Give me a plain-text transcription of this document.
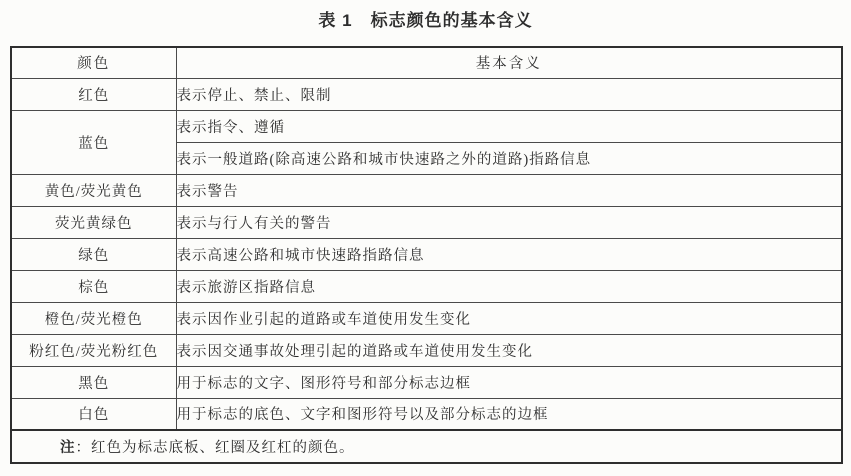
表 1　标志颜色的基本含义
颜色	基本含义
红色	表示停止、禁止、限制
蓝色	表示指令、遵循
	表示一般道路(除高速公路和城市快速路之外的道路)指路信息
黄色/荧光黄色	表示警告
荧光黄绿色	表示与行人有关的警告
绿色	表示高速公路和城市快速路指路信息
棕色	表示旅游区指路信息
橙色/荧光橙色	表示因作业引起的道路或车道使用发生变化
粉红色/荧光粉红色	表示因交通事故处理引起的道路或车道使用发生变化
黑色	用于标志的文字、图形符号和部分标志边框
白色	用于标志的底色、文字和图形符号以及部分标志的边框
注：红色为标志底板、红圈及红杠的颜色。	
